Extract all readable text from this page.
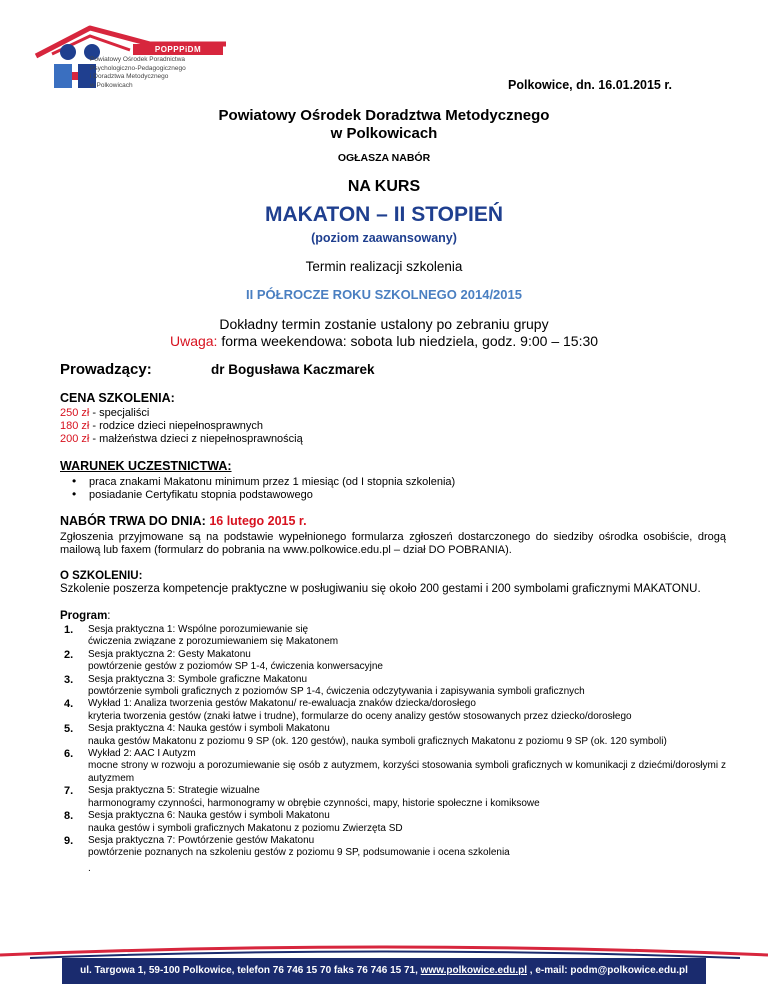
POPPPiDM
Powiatowy Ośrodek Poradnictwa
Psychologiczno-Pedagogicznego
i Doradztwa Metodycznego
w Polkowicach	Polkowice, dn. 16.01.2015 r.
Powiatowy Ośrodek Doradztwa Metodycznego
w Polkowicach
OGŁASZA NABÓR
NA KURS
MAKATON – II STOPIEŃ
(poziom zaawansowany)
Termin realizacji szkolenia
II PÓŁROCZE ROKU SZKOLNEGO 2014/2015
Dokładny termin zostanie ustalony po zebraniu grupy
Uwaga: forma weekendowa: sobota lub niedziela, godz. 9:00 – 15:30
Prowadzący:	dr Bogusława Kaczmarek
CENA SZKOLENIA:
250 zł - specjaliści
180 zł - rodzice dzieci niepełnosprawnych
200 zł - małżeństwa dzieci z niepełnosprawnością
WARUNEK UCZESTNICTWA:
• praca znakami Makatonu minimum przez 1 miesiąc (od I stopnia szkolenia)
• posiadanie Certyfikatu stopnia podstawowego
NABÓR TRWA DO DNIA: 16 lutego 2015 r.
Zgłoszenia przyjmowane są na podstawie wypełnionego formularza zgłoszeń dostarczonego do siedziby ośrodka osobiście, drogą mailową lub faxem (formularz do pobrania na www.polkowice.edu.pl – dział DO POBRANIA).
O SZKOLENIU:
Szkolenie poszerza kompetencje praktyczne w posługiwaniu się około 200 gestami i 200 symbolami graficznymi MAKATONU.
Program:
1. Sesja praktyczna 1: Wspólne porozumiewanie się
ćwiczenia związane z porozumiewaniem się Makatonem
2. Sesja praktyczna 2: Gesty Makatonu
powtórzenie gestów z poziomów SP 1-4, ćwiczenia konwersacyjne
3. Sesja praktyczna 3: Symbole graficzne Makatonu
powtórzenie symboli graficznych z poziomów SP 1-4, ćwiczenia odczytywania i zapisywania symboli graficznych
4. Wykład 1: Analiza tworzenia gestów Makatonu/ re-ewaluacja znaków dziecka/dorosłego
kryteria tworzenia gestów (znaki łatwe i trudne), formularze do oceny analizy gestów stosowanych przez dziecko/dorosłego
5. Sesja praktyczna 4: Nauka gestów i symboli Makatonu
nauka gestów Makatonu z poziomu 9 SP (ok. 120 gestów), nauka symboli graficznych Makatonu z poziomu 9 SP (ok. 120 symboli)
6. Wykład 2: AAC I Autyzm
mocne strony w rozwoju a porozumiewanie się osób z autyzmem, korzyści stosowania symboli graficznych w komunikacji z dziećmi/dorosłymi z autyzmem
7. Sesja praktyczna 5: Strategie wizualne
harmonogramy czynności, harmonogramy w obrębie czynności, mapy, historie społeczne i komiksowe
8. Sesja praktyczna 6: Nauka gestów i symboli Makatonu
nauka gestów i symboli graficznych Makatonu z poziomu Zwierzęta SD
9. Sesja praktyczna 7: Powtórzenie gestów Makatonu
powtórzenie poznanych na szkoleniu gestów z poziomu 9 SP, podsumowanie i ocena szkolenia
.
ul. Targowa 1, 59-100 Polkowice, telefon 76 746 15 70 faks 76 746 15 71, www.polkowice.edu.pl , e-mail: podm@polkowice.edu.pl
